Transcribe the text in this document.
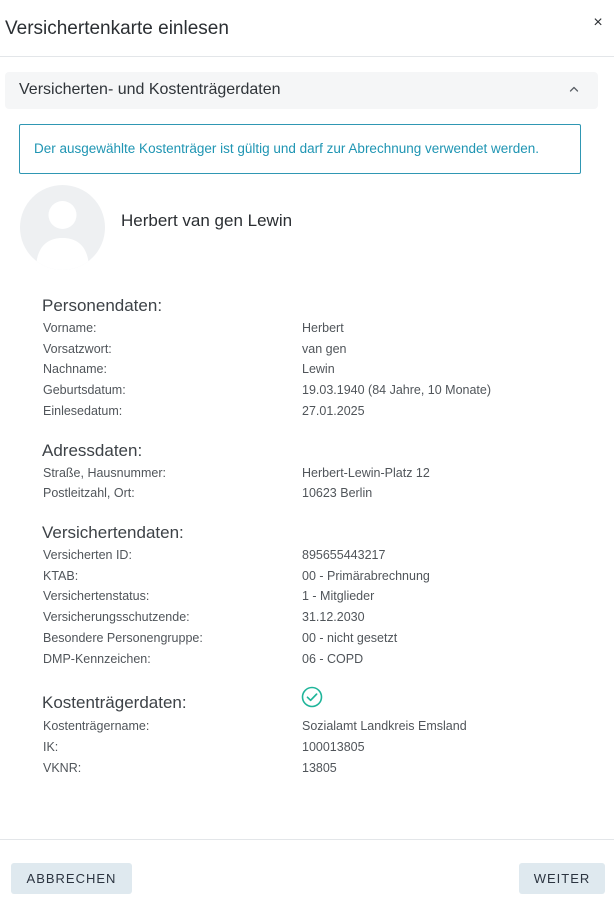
Versichertenkarte einlesen	×
Versicherten- und Kostenträgerdaten
Der ausgewählte Kostenträger ist gültig und darf zur Abrechnung verwendet werden.
Herbert van gen Lewin
Personendaten:
Vorname:	Herbert
Vorsatzwort:	van gen
Nachname:	Lewin
Geburtsdatum:	19.03.1940 (84 Jahre, 10 Monate)
Einlesedatum:	27.01.2025
Adressdaten:
Straße, Hausnummer:	Herbert-Lewin-Platz 12
Postleitzahl, Ort:	10623 Berlin
Versichertendaten:
Versicherten ID:	895655443217
KTAB:	00 - Primärabrechnung
Versichertenstatus:	1 - Mitglieder
Versicherungsschutzende:	31.12.2030
Besondere Personengruppe:	00 - nicht gesetzt
DMP-Kennzeichen:	06 - COPD
Kostenträgerdaten:
Kostenträgername:	Sozialamt Landkreis Emsland
IK:	100013805
VKNR:	13805
ABBRECHEN	WEITER
